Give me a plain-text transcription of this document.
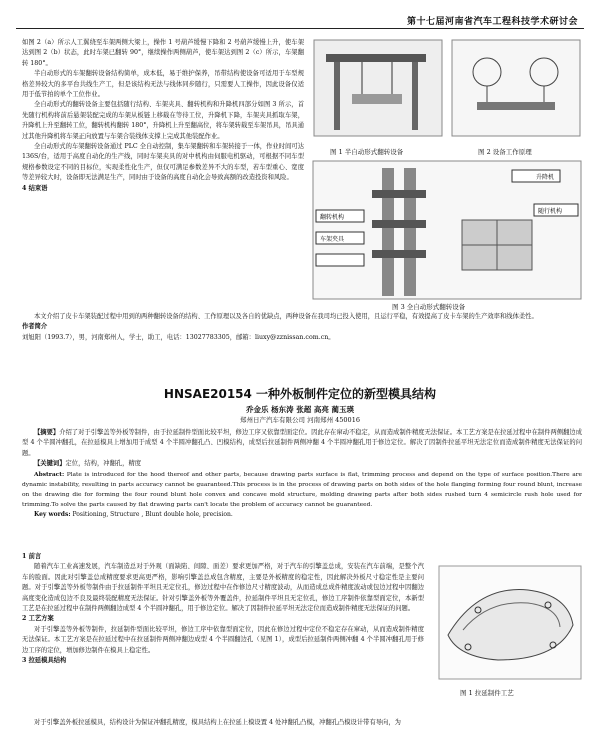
第十七届河南省汽车工程科技学术研讨会

如图 2（a）所示人工翼绕至车架两侧大梁上，操作 1 号葫芦缓慢下降和 2 号葫芦缓慢上升，使车架达到图 2（b）状态，此时车架已翻转 90°，继续操作两侧葫芦，使车架达到图 2（c）所示，车架翻转 180°。

半自动形式的车架翻转设备结构简单，成本低，易于维护保养，吊带结构使设备可适用于车型规格差异较大的多平台共线生产工，但是该结构无法与线体同步随行，只需要人工操作，因此设备仅适用于低节拍的单个工位作业。

全自动形式的翻转设备主要包括随行结构、车架夹具、翻转机构和升降机四部分如图 3 所示，首先随行机构将前后悬架装配完成的车架从板链上移载在等待工位，升降机下降，车架夹具抓取车架，升降机上升至翻转工位，翻转机构翻转 180°，升降机上升至翻高位，将车架转载至车架吊具，吊具通过其他升降机将车架正向放置与车架合装线体支撑上完成其他装配作业。

全自动形式的车架翻转设备通过 PLC 全自动控制，集车架翻转和车架转接于一体，作业时间可达 136S/台，适用于高度自动化的生产线，同时车架夹具的对中机构由伺服电机驱动，可根据不同车型规格参数设定不同的目标位，实现柔性化生产，但仅可满足参数差异不大的车型，若车型重心、宽度等差异较大时，设备即无法满足生产，同时由于设备的高度自动化会导致高额的改造投资和风险。

4 结束语

图 1 半自动形式翻转设备	图 2 设备工作原理
升降机
翻转机构
车架夹具
随行机构
图 3 全自动形式翻转设备

本文介绍了皮卡车架装配过程中用到的两种翻转设备的结构、工作原理以及各自的优缺点，两种设备在我司均已投入使用，且运行平稳，有效提高了皮卡车架的生产效率和线体柔性。

作者简介

刘旭阳（1993.7），男，河南郑州人，学士，助工，电话：13027783305，邮箱：liuxy@zznissan.com.cn。

HNSAE20154 一种外板制件定位的新型模具结构
乔金乐 杨东涛 张超 高亮 蔺玉瑛
郑州日产汽车有限公司 河南郑州 450016

【摘要】介绍了对于引擎盖等外板等制件，由于拉延制件型面比较平坦，修边工序又依靠型面定位。因此存在窜动不稳定，从而造成制件精度无法保证。本工艺方案是在拉延过程中在制件两侧翻边成型 4 个半圆冲翻孔，在拉延模具上增加用于成型 4 个半圆冲翻孔凸、凹模结构，成型后拉延制件两侧冲翻 4 个半圆冲翻孔用于修边定位。解决了因制件拉延平坦无法定位而造成制件精度无法保证的问题。

【关键词】定位，结构，冲翻孔，精度

Abstract: Plate is introduced for the hood thereof and other parts, because drawing parts surface is flat, trimming process and depend on the type of surface position.There are dynamic instability, resulting in parts accuracy cannot be guaranteed.This process is in the process of drawing parts on both sides of the hole flanging forming four round blunt, increase on the drawing die for forming the four round blunt hole convex and concave mold structure, molding drawing parts after both sides rushed turn 4 semicircle rush hole used for trimming.To solve the parts caused by flat drawing parts can't locate the problem of accuracy cannot be guaranteed.

Key words: Positioning, Structure , Blunt double hole, precision.

1 前言

随着汽车工业高速发展，汽车制造总对于外观（面缺陷、间隙、面差）要求更加严格，对于汽车的引擎盖总成，安装在汽车前端，是整个汽车的脸面。因此对引擎盖总成精度要求更高更严格，影响引擎盖总成包含精度，主要是外板精度的稳定性，因此解决外板尺寸稳定性是主要问题。对于引擎盖等外板等制件由于拉延制件平坦且无定位孔，修边过程中在作修边尺寸精度波动，从而造成总成件精度波动或包边过程中因翻边高度变化造成包边不良及最终装配精度无法保证。针对引擎盖外板等外覆盖件，拉延制件平坦且无定位孔，修边工序制件依靠型面定位，本新型工艺是在拉延过程中在制件两侧翻边成型 4 个半圆冲翻孔，用于修边定位。解决了因制件拉延平坦无法定位而造成制件精度无法保证的问题。

2 工艺方案

对于引擎盖等外板等制件，拉延制件型面比较平坦，修边工序中依靠型面定位，因此在修边过程中定位不稳定存在窜动，从而造成制件精度无法保证。本工艺方案是在拉延过程中在拉延制件两侧冲翻边成型 4 个半圆翻边孔（见图 1），成型后拉延制件两侧冲翻 4 个半圆冲翻孔用于修边工序的定位，增加修边制件在模具上稳定性。

3 拉延模具结构

对于引擎盖外板拉延模具，结构设计为保证冲翻孔精度，模具结构上在拉延上模设置 4 处冲翻孔凸模，冲翻孔凸模设计带有导向，为

图 1 拉延制件工艺
